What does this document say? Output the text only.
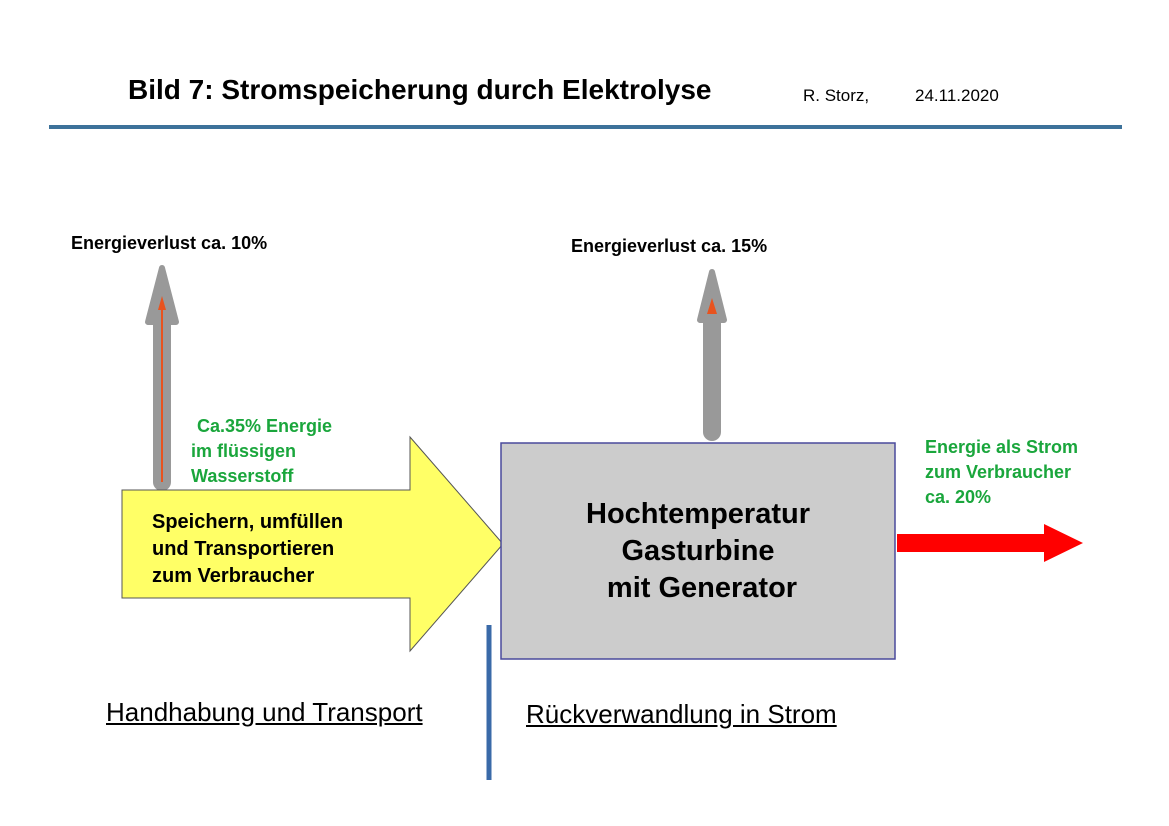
Bild 7: Stromspeicherung durch Elektrolyse	R. Storz,	24.11.2020
Energieverlust ca. 10%	Energieverlust ca. 15%
Ca.35% Energie
im flüssigen
Wasserstoff
Speichern, umfüllen
und Transportieren
zum Verbraucher
Hochtemperatur
Gasturbine
mit Generator
Energie als Strom
zum Verbraucher
ca. 20%
Handhabung und Transport	Rückverwandlung in Strom
